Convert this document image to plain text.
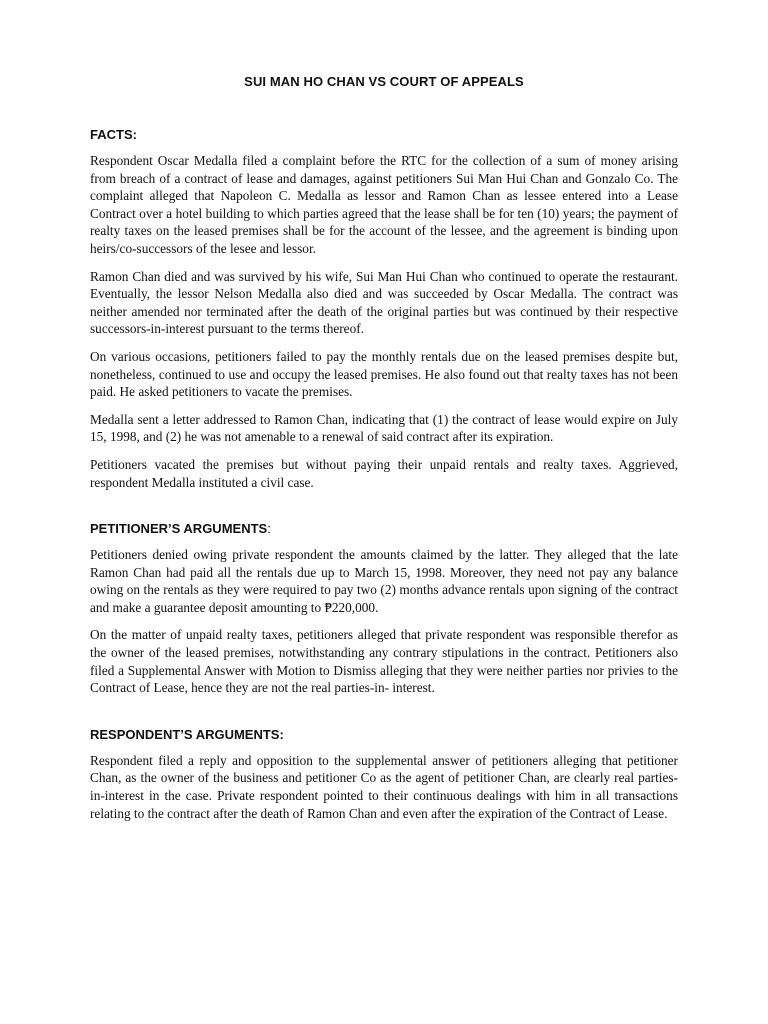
SUI MAN HO CHAN VS COURT OF APPEALS
FACTS:

Respondent Oscar Medalla filed a complaint before the RTC for the collection of a sum of money arising from breach of a contract of lease and damages, against petitioners Sui Man Hui Chan and Gonzalo Co. The complaint alleged that Napoleon C. Medalla as lessor and Ramon Chan as lessee entered into a Lease Contract over a hotel building to which parties agreed that the lease shall be for ten (10) years; the payment of realty taxes on the leased premises shall be for the account of the lessee, and the agreement is binding upon heirs/co-successors of the lesee and lessor.

Ramon Chan died and was survived by his wife, Sui Man Hui Chan who continued to operate the restaurant. Eventually, the lessor Nelson Medalla also died and was succeeded by Oscar Medalla. The contract was neither amended nor terminated after the death of the original parties but was continued by their respective successors-in-interest pursuant to the terms thereof.

On various occasions, petitioners failed to pay the monthly rentals due on the leased premises despite but, nonetheless, continued to use and occupy the leased premises. He also found out that realty taxes has not been paid. He asked petitioners to vacate the premises.

Medalla sent a letter addressed to Ramon Chan, indicating that (1) the contract of lease would expire on July 15, 1998, and (2) he was not amenable to a renewal of said contract after its expiration.

Petitioners vacated the premises but without paying their unpaid rentals and realty taxes. Aggrieved, respondent Medalla instituted a civil case.

PETITIONER’S ARGUMENTS:

Petitioners denied owing private respondent the amounts claimed by the latter. They alleged that the late Ramon Chan had paid all the rentals due up to March 15, 1998. Moreover, they need not pay any balance owing on the rentals as they were required to pay two (2) months advance rentals upon signing of the contract and make a guarantee deposit amounting to ₱220,000.

On the matter of unpaid realty taxes, petitioners alleged that private respondent was responsible therefor as the owner of the leased premises, notwithstanding any contrary stipulations in the contract. Petitioners also filed a Supplemental Answer with Motion to Dismiss alleging that they were neither parties nor privies to the Contract of Lease, hence they are not the real parties-in- interest.

RESPONDENT’S ARGUMENTS:

Respondent filed a reply and opposition to the supplemental answer of petitioners alleging that petitioner Chan, as the owner of the business and petitioner Co as the agent of petitioner Chan, are clearly real parties-in-interest in the case. Private respondent pointed to their continuous dealings with him in all transactions relating to the contract after the death of Ramon Chan and even after the expiration of the Contract of Lease.
